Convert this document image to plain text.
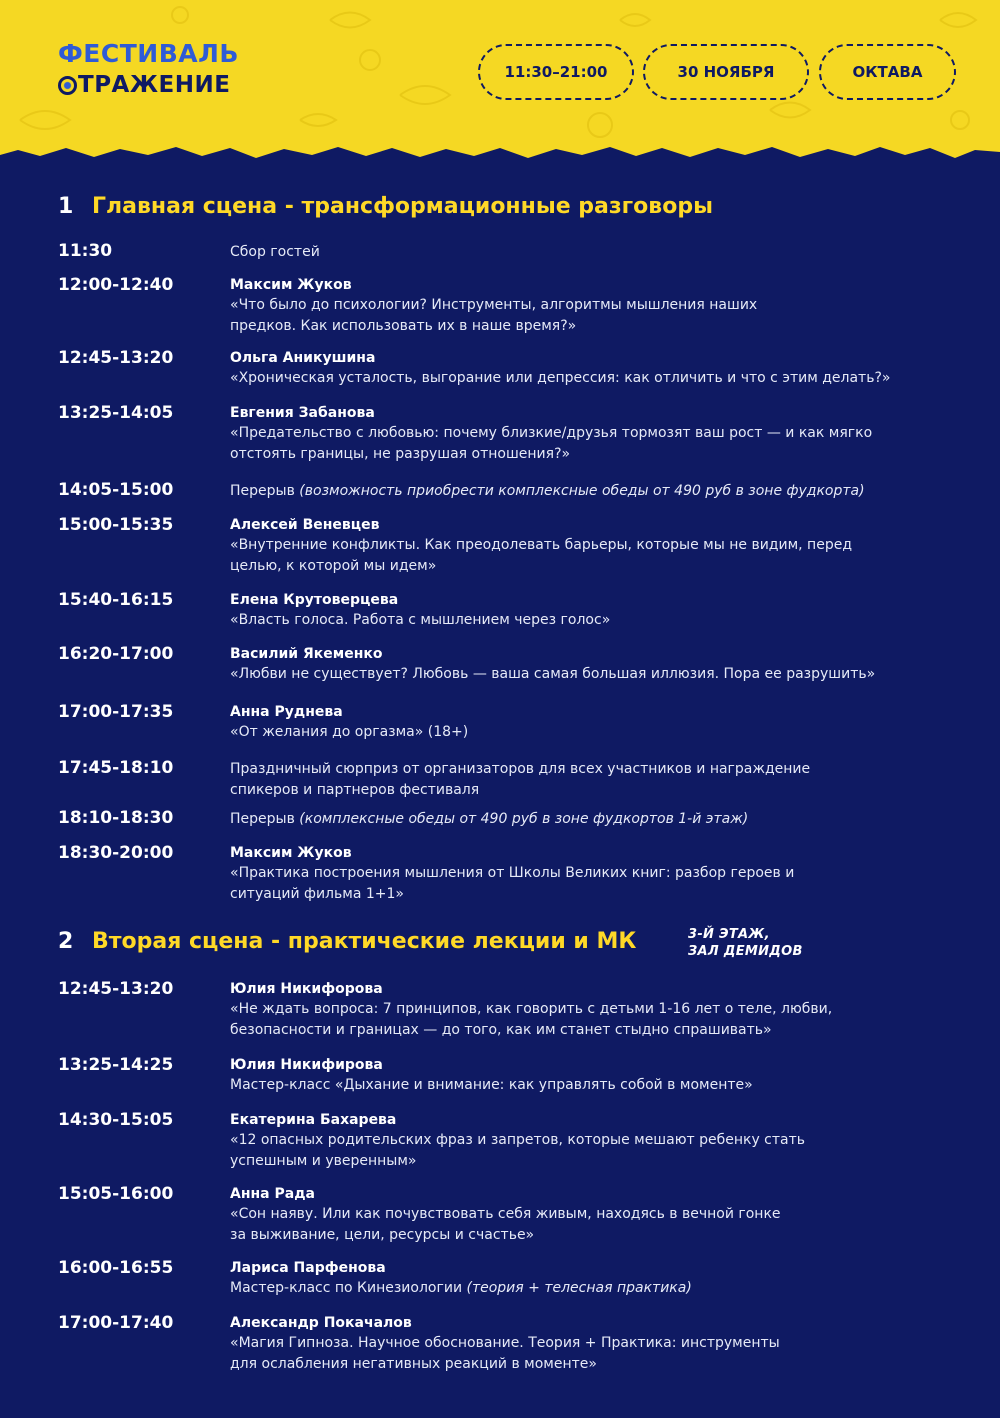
ФЕСТИВАЛЬ
ТРАЖЕНИЕ	11:30–21:00	30 НОЯБРЯ	ОКТАВА
1 Главная сцена - трансформационные разговоры
11:30	Сбор гостей
12:00-12:40	Максим Жуков
«Что было до психологии? Инструменты, алгоритмы мышления наших предков. Как использовать их в наше время?»
12:45-13:20	Ольга Аникушина
«Хроническая усталость, выгорание или депрессия: как отличить и что с этим делать?»
13:25-14:05	Евгения Забанова
«Предательство с любовью: почему близкие/друзья тормозят ваш рост — и как мягко отстоять границы, не разрушая отношения?»
14:05-15:00	Перерыв (возможность приобрести комплексные обеды от 490 руб в зоне фудкорта)
15:00-15:35	Алексей Веневцев
«Внутренние конфликты. Как преодолевать барьеры, которые мы не видим, перед целью, к которой мы идем»
15:40-16:15	Елена Крутоверцева
«Власть голоса. Работа с мышлением через голос»
16:20-17:00	Василий Якеменко
«Любви не существует? Любовь — ваша самая большая иллюзия. Пора ее разрушить»
17:00-17:35	Анна Руднева
«От желания до оргазма» (18+)
17:45-18:10	Праздничный сюрприз от организаторов для всех участников и награждение спикеров и партнеров фестиваля
18:10-18:30	Перерыв (комплексные обеды от 490 руб в зоне фудкортов 1-й этаж)
18:30-20:00	Максим Жуков
«Практика построения мышления от Школы Великих книг: разбор героев и ситуаций фильма 1+1»
2 Вторая сцена - практические лекции и МК	3-Й ЭТАЖ,
ЗАЛ ДЕМИДОВ
12:45-13:20	Юлия Никифорова
«Не ждать вопроса: 7 принципов, как говорить с детьми 1-16 лет о теле, любви, безопасности и границах — до того, как им станет стыдно спрашивать»
13:25-14:25	Юлия Никифирова
Мастер-класс «Дыхание и внимание: как управлять собой в моменте»
14:30-15:05	Екатерина Бахарева
«12 опасных родительских фраз и запретов, которые мешают ребенку стать успешным и уверенным»
15:05-16:00	Анна Рада
«Сон наяву. Или как почувствовать себя живым, находясь в вечной гонке за выживание, цели, ресурсы и счастье»
16:00-16:55	Лариса Парфенова
Мастер-класс по Кинезиологии (теория + телесная практика)
17:00-17:40	Александр Покачалов
«Магия Гипноза. Научное обоснование. Теория + Практика: инструменты для ослабления негативных реакций в моменте»
